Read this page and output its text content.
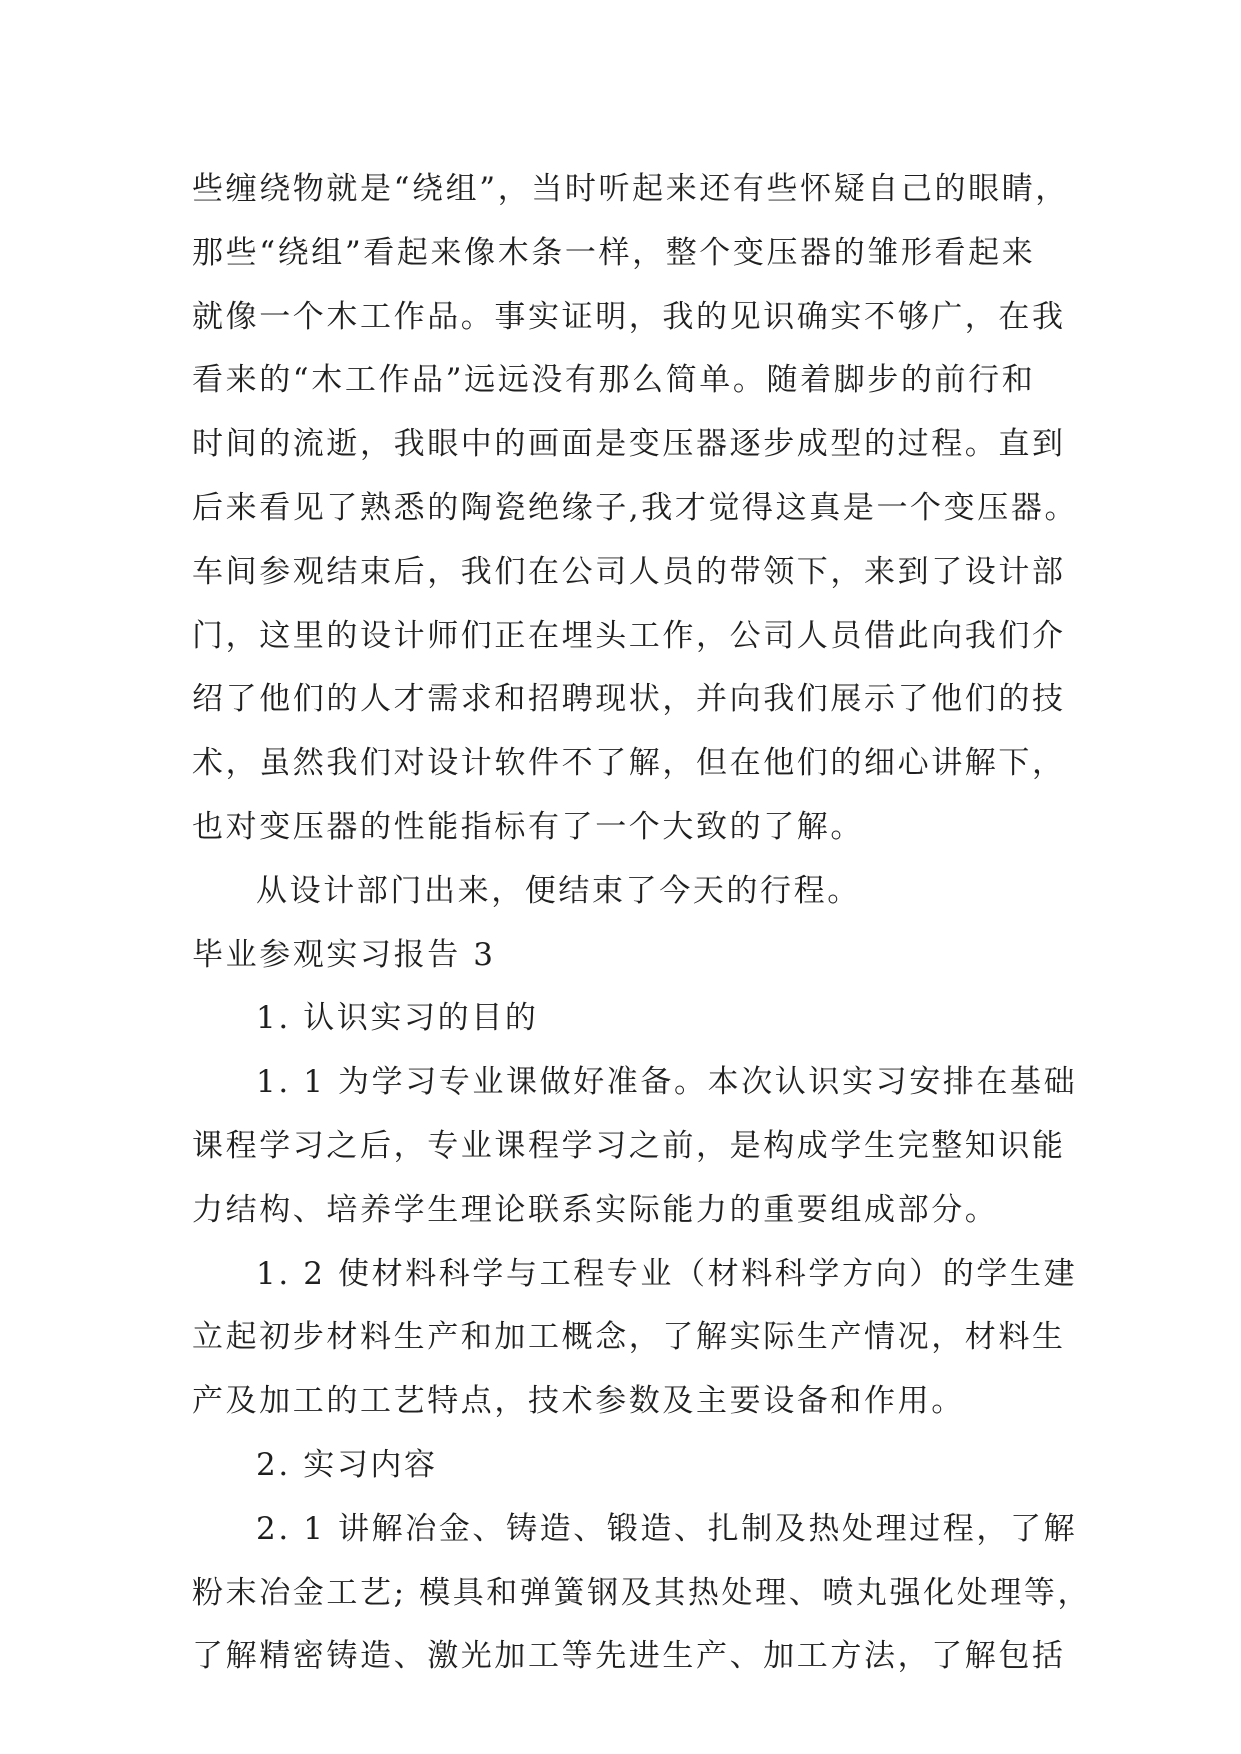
些缠绕物就是“绕组”，当时听起来还有些怀疑自己的眼睛，
那些“绕组”看起来像木条一样，整个变压器的雏形看起来
就像一个木工作品。事实证明，我的见识确实不够广，在我
看来的“木工作品”远远没有那么简单。随着脚步的前行和
时间的流逝，我眼中的画面是变压器逐步成型的过程。直到
后来看见了熟悉的陶瓷绝缘子,我才觉得这真是一个变压器。
车间参观结束后，我们在公司人员的带领下，来到了设计部
门，这里的设计师们正在埋头工作，公司人员借此向我们介
绍了他们的人才需求和招聘现状，并向我们展示了他们的技
术，虽然我们对设计软件不了解，但在他们的细心讲解下，
也对变压器的性能指标有了一个大致的了解。
从设计部门出来，便结束了今天的行程。
毕业参观实习报告 3
1. 认识实习的目的
1. 1 为学习专业课做好准备。本次认识实习安排在基础
课程学习之后，专业课程学习之前，是构成学生完整知识能
力结构、培养学生理论联系实际能力的重要组成部分。
1. 2 使材料科学与工程专业（材料科学方向）的学生建
立起初步材料生产和加工概念，了解实际生产情况，材料生
产及加工的工艺特点，技术参数及主要设备和作用。
2. 实习内容
2. 1 讲解冶金、铸造、锻造、扎制及热处理过程，了解
粉末冶金工艺; 模具和弹簧钢及其热处理、喷丸强化处理等，
了解精密铸造、激光加工等先进生产、加工方法，了解包括
